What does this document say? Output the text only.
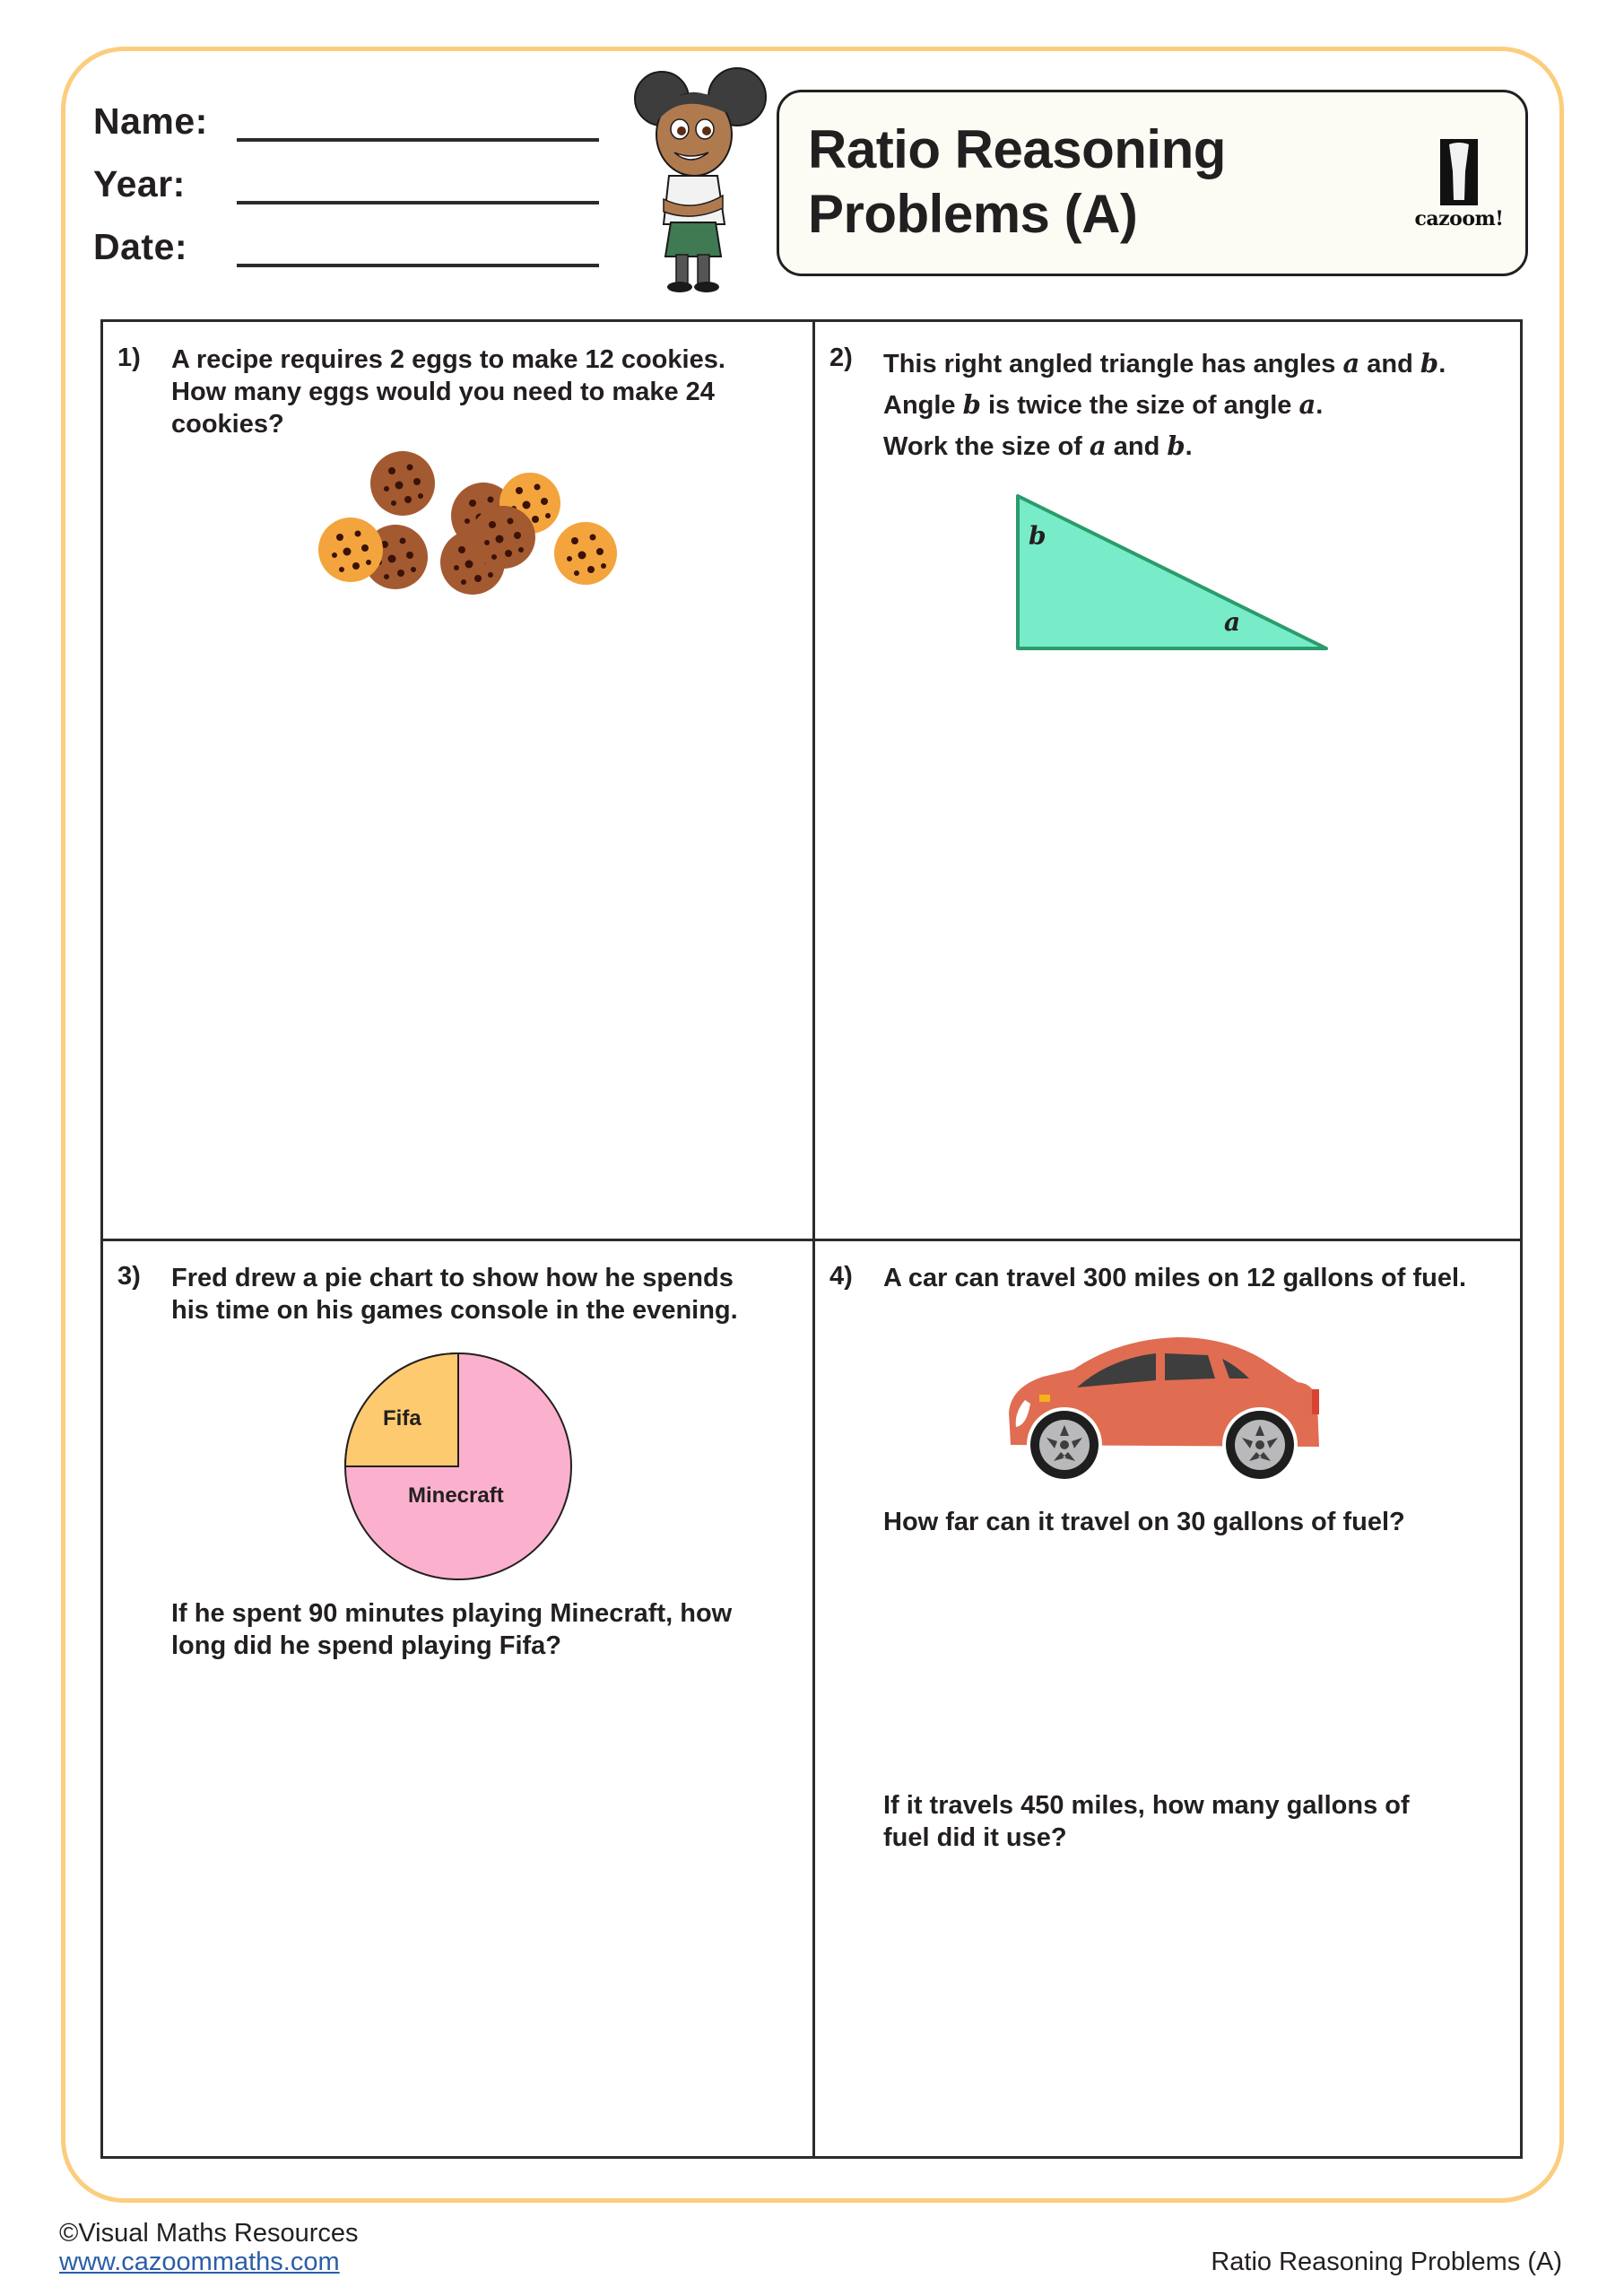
Name:
Year:
Date:
Ratio Reasoning
Problems (A)	cazoom!
1) A recipe requires 2 eggs to make 12 cookies.
How many eggs would you need to make 24
cookies?
2) This right angled triangle has angles a and b.
Angle b is twice the size of angle a.
Work the size of a and b.
b
a
3) Fred drew a pie chart to show how he spends
his time on his games console in the evening.
Fifa
Minecraft
If he spent 90 minutes playing Minecraft, how
long did he spend playing Fifa?
4) A car can travel 300 miles on 12 gallons of fuel.
How far can it travel on 30 gallons of fuel?
If it travels 450 miles, how many gallons of
fuel did it use?
©Visual Maths Resources
www.cazoommaths.com	Ratio Reasoning Problems (A)
